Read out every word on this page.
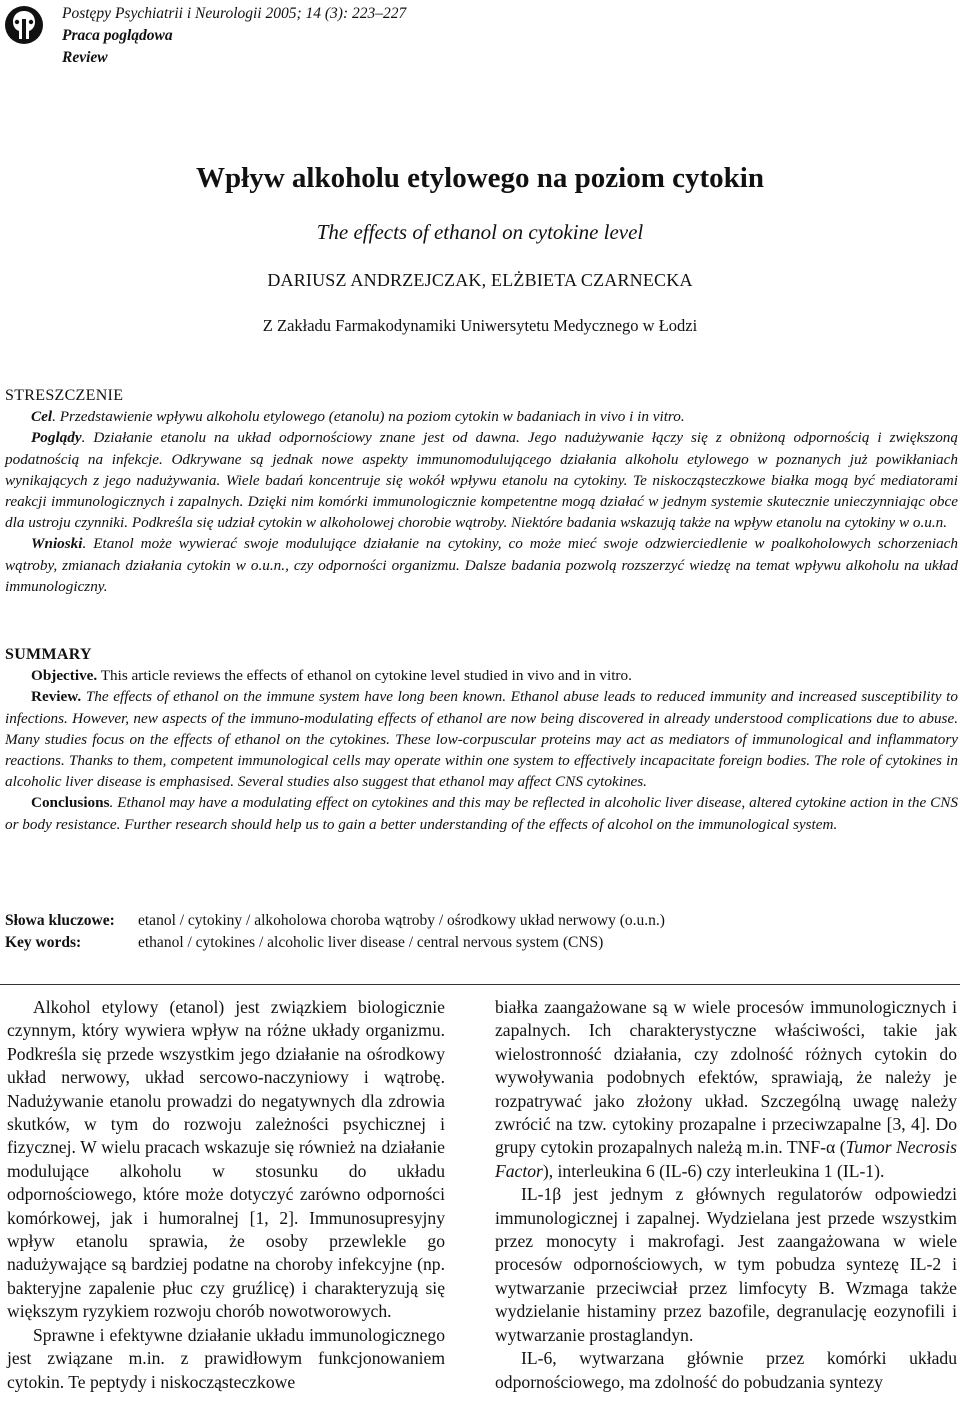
Postępy Psychiatrii i Neurologii 2005; 14 (3): 223–227
Praca poglądowa
Review
Wpływ alkoholu etylowego na poziom cytokin
The effects of ethanol on cytokine level
DARIUSZ ANDRZEJCZAK, ELŻBIETA CZARNECKA
Z Zakładu Farmakodynamiki Uniwersytetu Medycznego w Łodzi
STRESZCZENIE

Cel. Przedstawienie wpływu alkoholu etylowego (etanolu) na poziom cytokin w badaniach in vivo i in vitro.

Poglądy. Działanie etanolu na układ odpornościowy znane jest od dawna. Jego nadużywanie łączy się z obniżoną odpornością i zwiększoną podatnością na infekcje. Odkrywane są jednak nowe aspekty immunomodulującego działania alkoholu etylowego w poznanych już powikłaniach wynikających z jego nadużywania. Wiele badań koncentruje się wokół wpływu etanolu na cytokiny. Te niskocząsteczkowe białka mogą być mediatorami reakcji immunologicznych i zapalnych. Dzięki nim komórki immunologicznie kompetentne mogą działać w jednym systemie skutecznie unieczynniając obce dla ustroju czynniki. Podkreśla się udział cytokin w alkoholowej chorobie wątroby. Niektóre badania wskazują także na wpływ etanolu na cytokiny w o.u.n.

Wnioski. Etanol może wywierać swoje modulujące działanie na cytokiny, co może mieć swoje odzwierciedlenie w poalkoholowych schorzeniach wątroby, zmianach działania cytokin w o.u.n., czy odporności organizmu. Dalsze badania pozwolą rozszerzyć wiedzę na temat wpływu alkoholu na układ immunologiczny.

SUMMARY

Objective. This article reviews the effects of ethanol on cytokine level studied in vivo and in vitro.

Review. The effects of ethanol on the immune system have long been known. Ethanol abuse leads to reduced immunity and increased susceptibility to infections. However, new aspects of the immuno-modulating effects of ethanol are now being discovered in already understood complications due to abuse. Many studies focus on the effects of ethanol on the cytokines. These low-corpuscular proteins may act as mediators of immunological and inflammatory reactions. Thanks to them, competent immunological cells may operate within one system to effectively incapacitate foreign bodies. The role of cytokines in alcoholic liver disease is emphasised. Several studies also suggest that ethanol may affect CNS cytokines.

Conclusions. Ethanol may have a modulating effect on cytokines and this may be reflected in alcoholic liver disease, altered cytokine action in the CNS or body resistance. Further research should help us to gain a better understanding of the effects of alcohol on the immunological system.

Słowa kluczowe: etanol / cytokiny / alkoholowa choroba wątroby / ośrodkowy układ nerwowy (o.u.n.)
Key words:	ethanol / cytokines / alcoholic liver disease / central nervous system (CNS)

Alkohol etylowy (etanol) jest związkiem biologicznie czynnym, który wywiera wpływ na różne układy organizmu. Podkreśla się przede wszystkim jego działanie na ośrodkowy układ nerwowy, układ sercowo-naczyniowy i wątrobę. Nadużywanie etanolu prowadzi do negatywnych dla zdrowia skutków, w tym do rozwoju zależności psychicznej i fizycznej. W wielu pracach wskazuje się również na działanie modulujące alkoholu w stosunku do układu odpornościowego, które może dotyczyć zarówno odporności komórkowej, jak i humoralnej [1, 2]. Immunosupresyjny wpływ etanolu sprawia, że osoby przewlekle go nadużywające są bardziej podatne na choroby infekcyjne (np. bakteryjne zapalenie płuc czy gruźlicę) i charakteryzują się większym ryzykiem rozwoju chorób nowotworowych.

Sprawne i efektywne działanie układu immunologicznego jest związane m.in. z prawidłowym funkcjonowaniem cytokin. Te peptydy i niskocząsteczkowe

białka zaangażowane są w wiele procesów immunologicznych i zapalnych. Ich charakterystyczne właściwości, takie jak wielostronność działania, czy zdolność różnych cytokin do wywoływania podobnych efektów, sprawiają, że należy je rozpatrywać jako złożony układ. Szczególną uwagę należy zwrócić na tzw. cytokiny prozapalne i przeciwzapalne [3, 4]. Do grupy cytokin prozapalnych należą m.in. TNF-α (Tumor Necrosis Factor), interleukina 6 (IL-6) czy interleukina 1 (IL-1).

IL-1β jest jednym z głównych regulatorów odpowiedzi immunologicznej i zapalnej. Wydzielana jest przede wszystkim przez monocyty i makrofagi. Jest zaangażowana w wiele procesów odpornościowych, w tym pobudza syntezę IL-2 i wytwarzanie przeciwciał przez limfocyty B. Wzmaga także wydzielanie histaminy przez bazofile, degranulację eozynofili i wytwarzanie prostaglandyn.

IL-6, wytwarzana głównie przez komórki układu odpornościowego, ma zdolność do pobudzania syntezy
